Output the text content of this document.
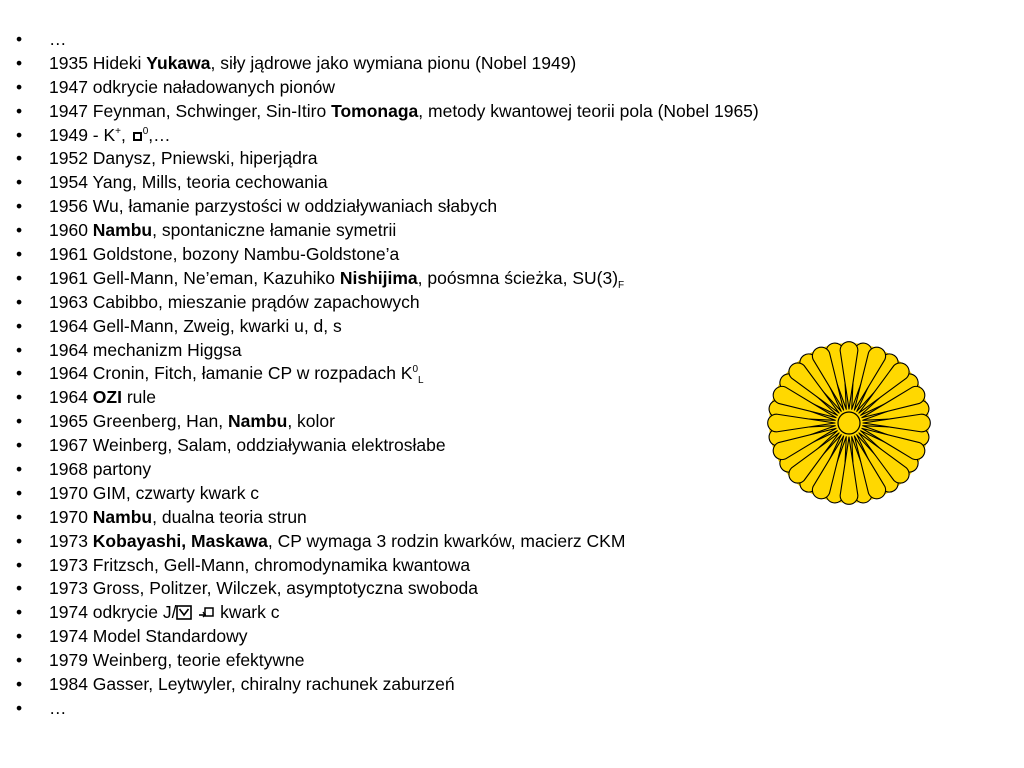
•	…
•	1935 Hideki Yukawa, siły jądrowe jako wymiana pionu (Nobel 1949)
•	1947 odkrycie naładowanych pionów
•	1947 Feynman, Schwinger, Sin-Itiro Tomonaga, metody kwantowej teorii pola (Nobel 1965)
•	1949 - K+, $^0$,…
•	1952 Danysz, Pniewski, hiperjądra
•	1954 Yang, Mills, teoria cechowania
•	1956 Wu, łamanie parzystości w oddziaływaniach słabych
•	1960 Nambu, spontaniczne łamanie symetrii
•	1961 Goldstone, bozony Nambu-Goldstone’a
•	1961 Gell-Mann, Ne’eman, Kazuhiko Nishijima, poósmna ścieżka, $SU(3)_F$
•	1963 Cabibbo, mieszanie prądów zapachowych
•	1964 Gell-Mann, Zweig, kwarki u, d, s
•	1964 mechanizm Higgsa
•	1964 Cronin, Fitch, łamanie CP w rozpadach $K^0_L$
•	1964 OZI rule
•	1965 Greenberg, Han, Nambu, kolor
•	1967 Weinberg, Salam, oddziaływania elektrosłabe
•	1968 partony
•	1970 GIM, czwarty kwark c
•	1970 Nambu, dualna teoria strun
•	1973 Kobayashi, Maskawa, CP wymaga 3 rodzin kwarków, macierz CKM
•	1973 Fritzsch, Gell-Mann, chromodynamika kwantowa
•	1973 Gross, Politzer, Wilczek, asymptotyczna swoboda
•	1974 odkrycie J/  kwark c
•	1974 Model Standardowy
•	1979 Weinberg, teorie efektywne
•	1984 Gasser, Leytwyler, chiralny rachunek zaburzeń
•	…
